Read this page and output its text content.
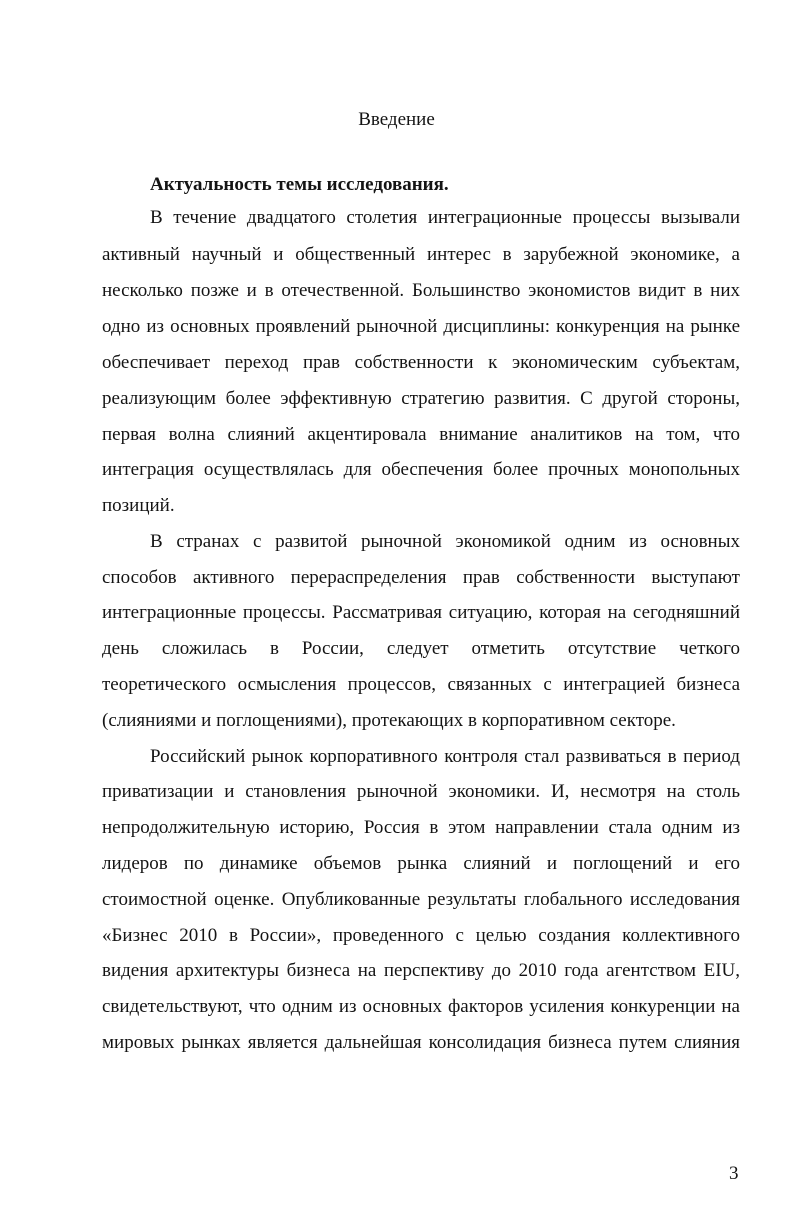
Введение

Актуальность темы исследования.

В течение двадцатого столетия интеграционные процессы вызывали

активный научный и общественный интерес в зарубежной экономике, а

несколько позже и в отечественной. Большинство экономистов видит в них

одно из основных проявлений рыночной дисциплины: конкуренция на рынке

обеспечивает переход прав собственности к экономическим субъектам,

реализующим более эффективную стратегию развития. С другой стороны,

первая волна слияний акцентировала внимание аналитиков на том, что

интеграция осуществлялась для обеспечения более прочных монопольных

позиций.

В странах с развитой рыночной экономикой одним из основных

способов активного перераспределения прав собственности выступают

интеграционные процессы. Рассматривая ситуацию, которая на сегодняшний

день сложилась в России, следует отметить отсутствие четкого

теоретического осмысления процессов, связанных с интеграцией бизнеса

(слияниями и поглощениями), протекающих в корпоративном секторе.

Российский рынок корпоративного контроля стал развиваться в период

приватизации и становления рыночной экономики. И, несмотря на столь

непродолжительную историю, Россия в этом направлении стала одним из

лидеров по динамике объемов рынка слияний и поглощений и его

стоимостной оценке. Опубликованные результаты глобального исследования

«Бизнес 2010 в России», проведенного с целью создания коллективного

видения архитектуры бизнеса на перспективу до 2010 года агентством EIU,

свидетельствуют, что одним из основных факторов усиления конкуренции на

мировых рынках является дальнейшая консолидация бизнеса путем слияния

3
